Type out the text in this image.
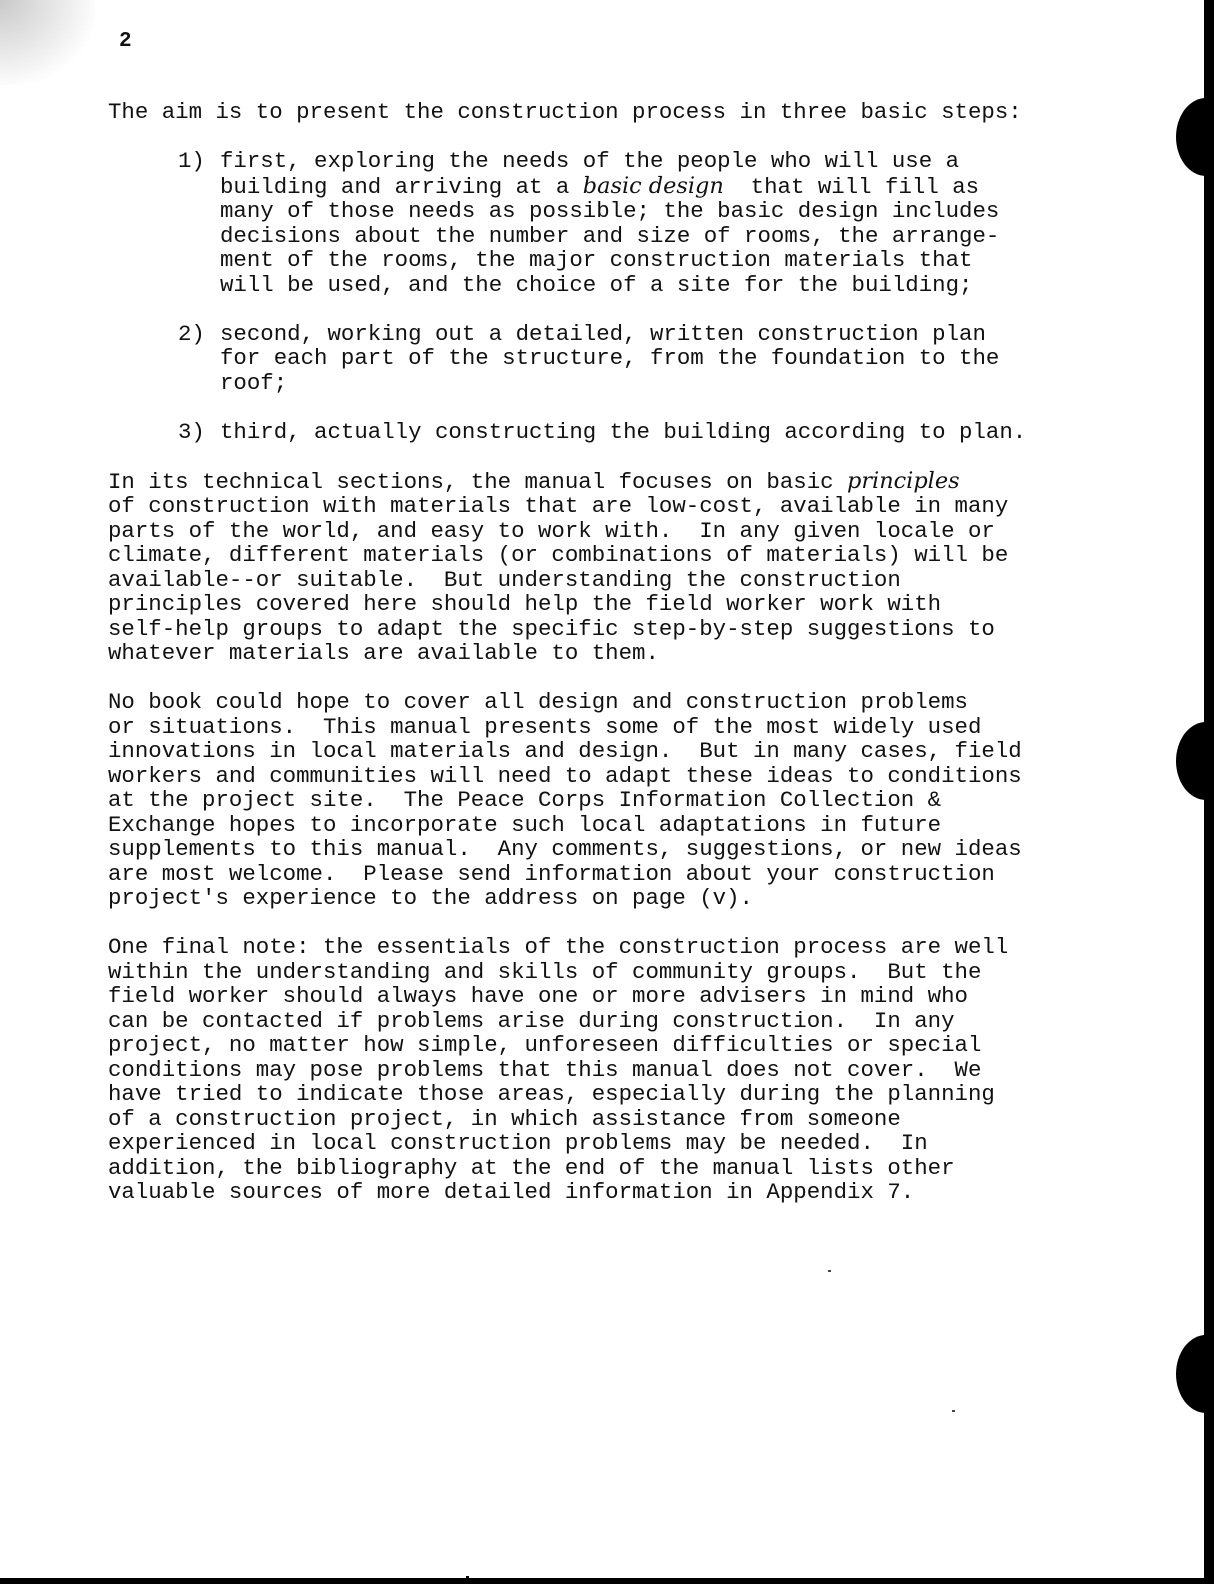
2

The aim is to present the construction process in three basic steps:

1) first, exploring the needs of the people who will use a
building and arriving at a basic design  that will fill as
many of those needs as possible; the basic design includes
decisions about the number and size of rooms, the arrange-
ment of the rooms, the major construction materials that
will be used, and the choice of a site for the building;
2) second, working out a detailed, written construction plan
for each part of the structure, from the foundation to the
roof;
3) third, actually constructing the building according to plan.

In its technical sections, the manual focuses on basic principles
of construction with materials that are low-cost, available in many
parts of the world, and easy to work with.  In any given locale or
climate, different materials (or combinations of materials) will be
available--or suitable.  But understanding the construction
principles covered here should help the field worker work with
self-help groups to adapt the specific step-by-step suggestions to
whatever materials are available to them.

No book could hope to cover all design and construction problems
or situations.  This manual presents some of the most widely used
innovations in local materials and design.  But in many cases, field
workers and communities will need to adapt these ideas to conditions
at the project site.  The Peace Corps Information Collection &
Exchange hopes to incorporate such local adaptations in future
supplements to this manual.  Any comments, suggestions, or new ideas
are most welcome.  Please send information about your construction
project's experience to the address on page (v).

One final note: the essentials of the construction process are well
within the understanding and skills of community groups.  But the
field worker should always have one or more advisers in mind who
can be contacted if problems arise during construction.  In any
project, no matter how simple, unforeseen difficulties or special
conditions may pose problems that this manual does not cover.  We
have tried to indicate those areas, especially during the planning
of a construction project, in which assistance from someone
experienced in local construction problems may be needed.  In
addition, the bibliography at the end of the manual lists other
valuable sources of more detailed information in Appendix 7.
